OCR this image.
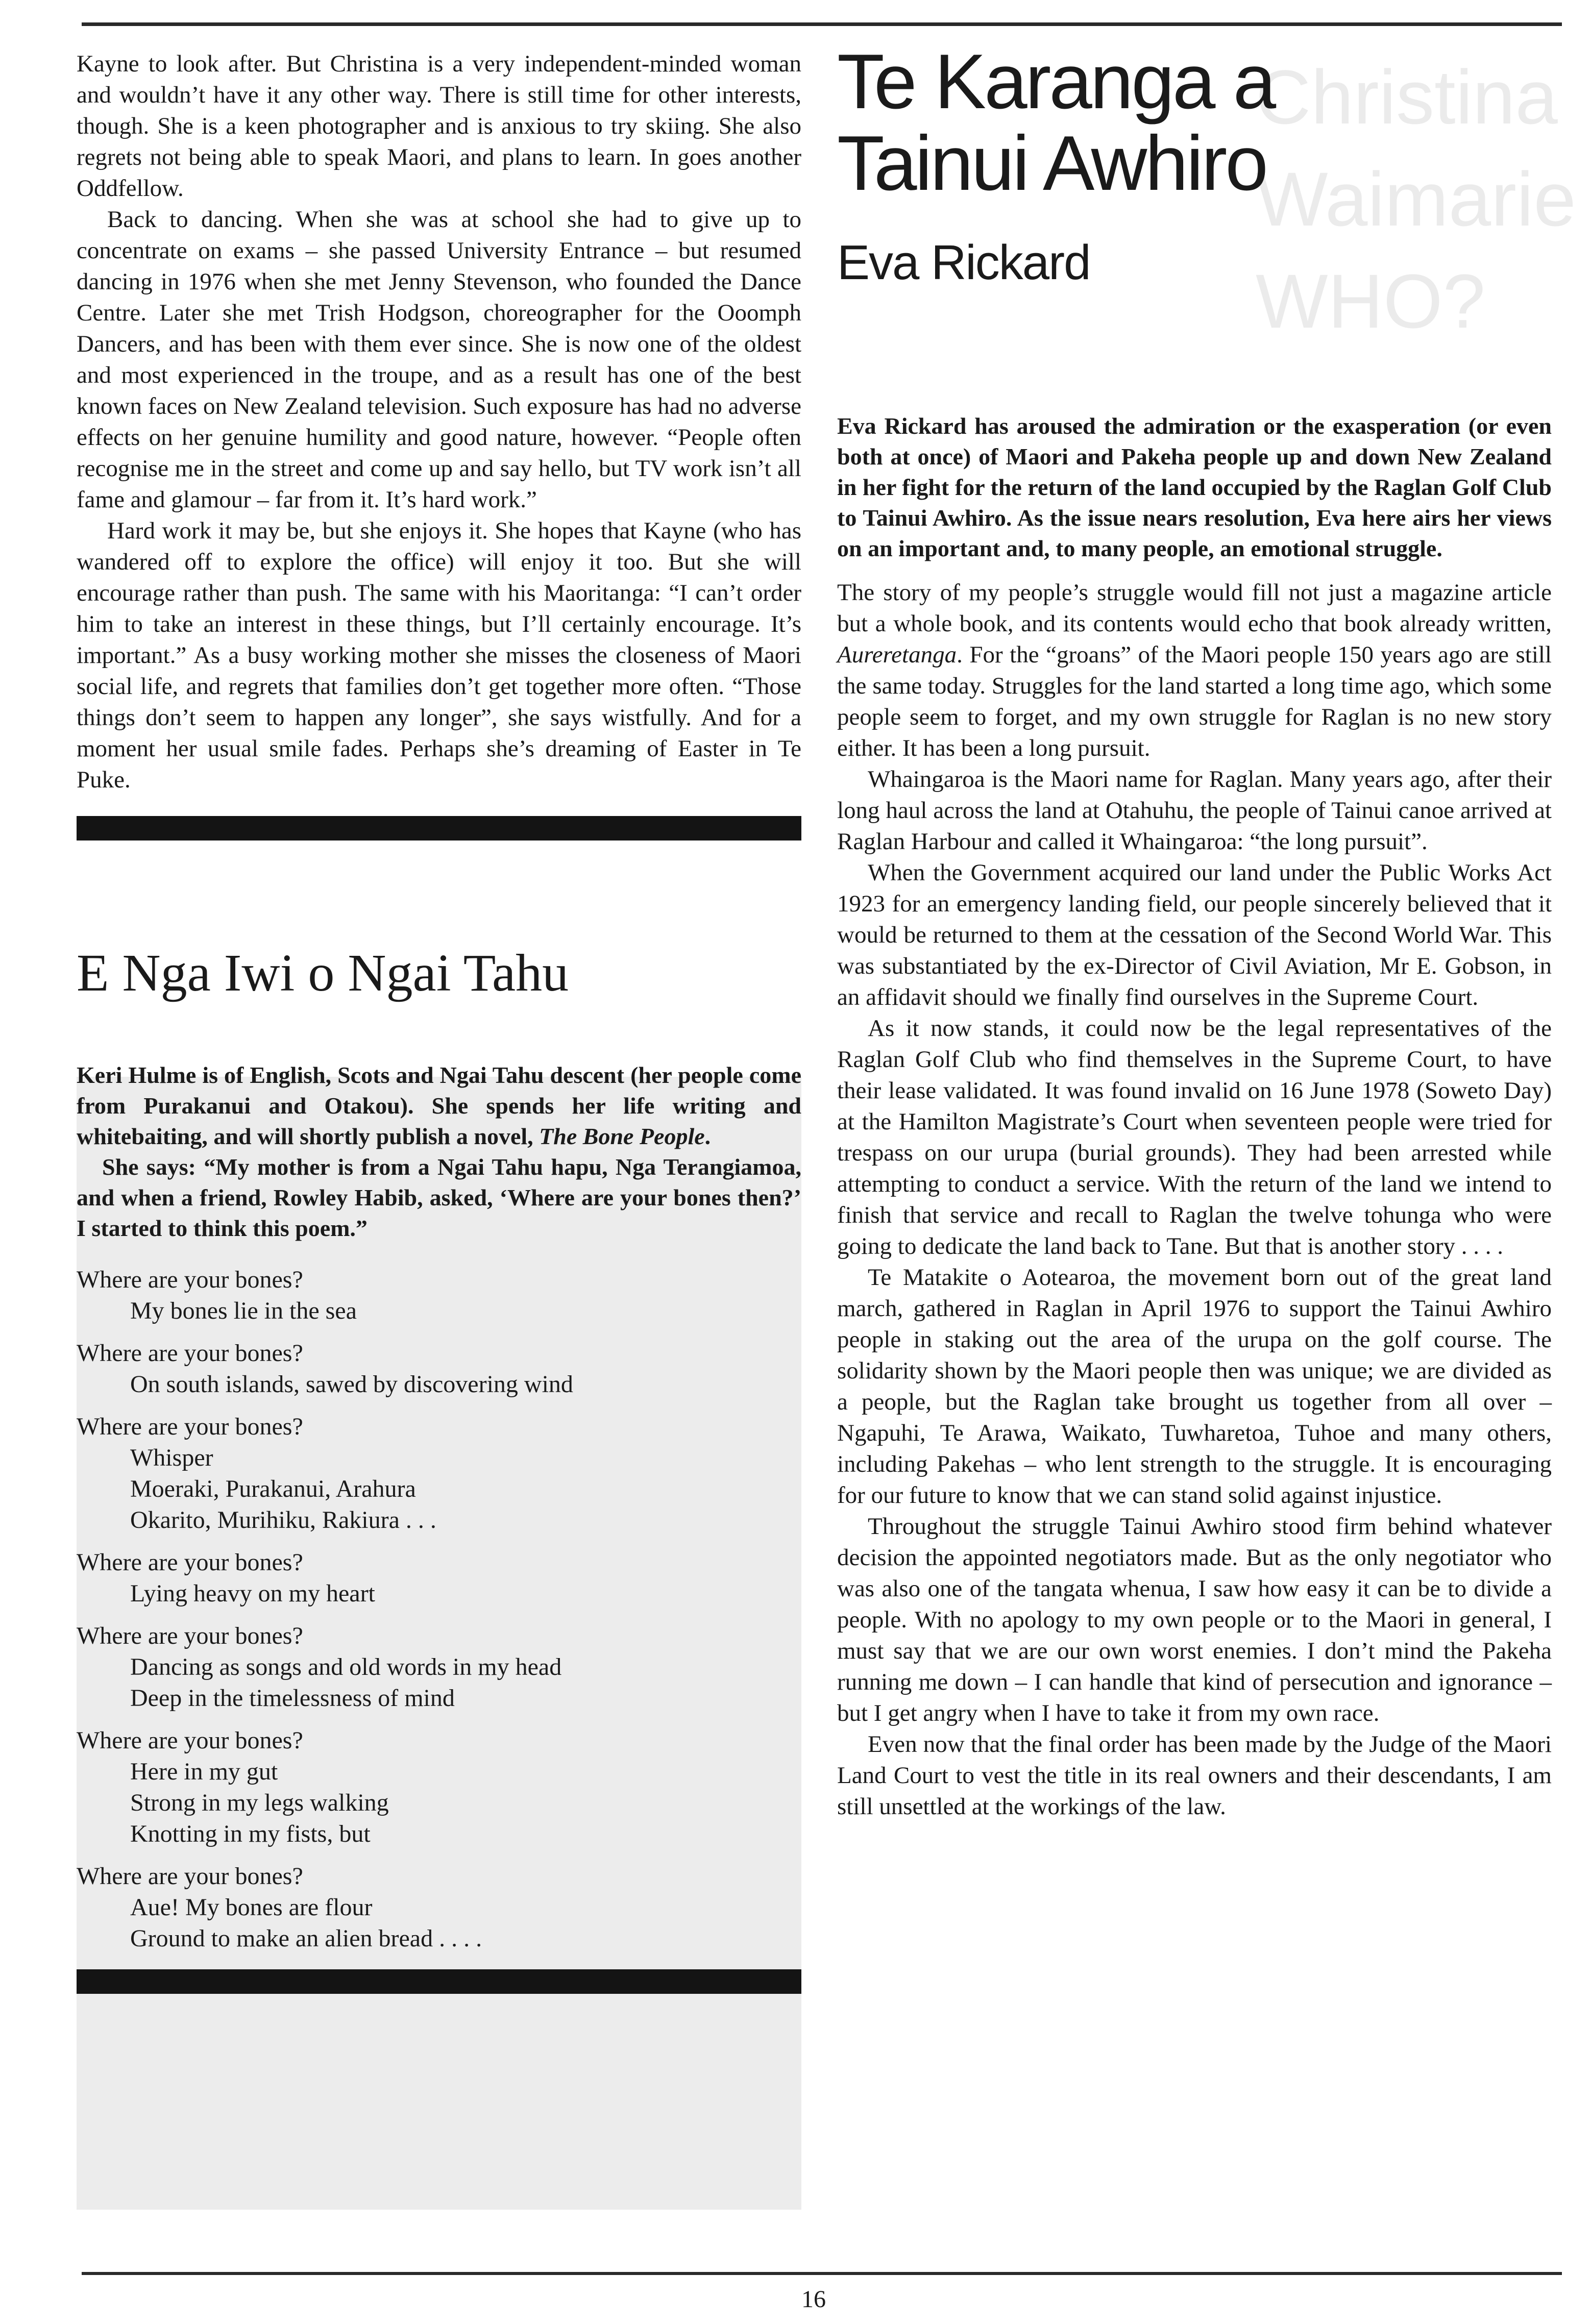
Christina Waimarie WHO?

Kayne to look after. But Christina is a very independent-minded woman and wouldn’t have it any other way. There is still time for other interests, though. She is a keen photographer and is anxious to try skiing. She also regrets not being able to speak Maori, and plans to learn. In goes another Oddfellow.

Back to dancing. When she was at school she had to give up to concentrate on exams – she passed University Entrance – but resumed dancing in 1976 when she met Jenny Stevenson, who founded the Dance Centre. Later she met Trish Hodgson, choreographer for the Ooomph Dancers, and has been with them ever since. She is now one of the oldest and most experienced in the troupe, and as a result has one of the best known faces on New Zealand television. Such exposure has had no adverse effects on her genuine humility and good nature, however. “People often recognise me in the street and come up and say hello, but TV work isn’t all fame and glamour – far from it. It’s hard work.”

Hard work it may be, but she enjoys it. She hopes that Kayne (who has wandered off to explore the office) will enjoy it too. But she will encourage rather than push. The same with his Maoritanga: “I can’t order him to take an interest in these things, but I’ll certainly encourage. It’s important.” As a busy working mother she misses the closeness of Maori social life, and regrets that families don’t get together more often. “Those things don’t seem to happen any longer”, she says wistfully. And for a moment her usual smile fades. Perhaps she’s dreaming of Easter in Te Puke.

E Nga Iwi o Ngai Tahu

Keri Hulme is of English, Scots and Ngai Tahu descent (her people come from Purakanui and Otakou). She spends her life writing and whitebaiting, and will shortly publish a novel, The Bone People.

She says: “My mother is from a Ngai Tahu hapu, Nga Terangiamoa, and when a friend, Rowley Habib, asked, ‘Where are your bones then?’ I started to think this poem.”

Where are your bones?
My bones lie in the sea
Where are your bones?
On south islands, sawed by discovering wind
Where are your bones?
Whisper
Moeraki, Purakanui, Arahura
Okarito, Murihiku, Rakiura . . .
Where are your bones?
Lying heavy on my heart
Where are your bones?
Dancing as songs and old words in my head
Deep in the timelessness of mind
Where are your bones?
Here in my gut
Strong in my legs walking
Knotting in my fists, but
Where are your bones?
Aue! My bones are flour
Ground to make an alien bread . . . .
Te Karanga a
Tainui Awhiro
Eva Rickard

Eva Rickard has aroused the admiration or the exasperation (or even both at once) of Maori and Pakeha people up and down New Zealand in her fight for the return of the land occupied by the Raglan Golf Club to Tainui Awhiro. As the issue nears resolution, Eva here airs her views on an important and, to many people, an emotional struggle.

The story of my people’s struggle would fill not just a magazine article but a whole book, and its contents would echo that book already written, Aureretanga. For the “groans” of the Maori people 150 years ago are still the same today. Struggles for the land started a long time ago, which some people seem to forget, and my own struggle for Raglan is no new story either. It has been a long pursuit.

Whaingaroa is the Maori name for Raglan. Many years ago, after their long haul across the land at Otahuhu, the people of Tainui canoe arrived at Raglan Harbour and called it Whaingaroa: “the long pursuit”.

When the Government acquired our land under the Public Works Act 1923 for an emergency landing field, our people sincerely believed that it would be returned to them at the cessation of the Second World War. This was substantiated by the ex-Director of Civil Aviation, Mr E. Gobson, in an affidavit should we finally find ourselves in the Supreme Court.

As it now stands, it could now be the legal representatives of the Raglan Golf Club who find themselves in the Supreme Court, to have their lease validated. It was found invalid on 16 June 1978 (Soweto Day) at the Hamilton Magistrate’s Court when seventeen people were tried for trespass on our urupa (burial grounds). They had been arrested while attempting to conduct a service. With the return of the land we intend to finish that service and recall to Raglan the twelve tohunga who were going to dedicate the land back to Tane. But that is another story . . . .

Te Matakite o Aotearoa, the movement born out of the great land march, gathered in Raglan in April 1976 to support the Tainui Awhiro people in staking out the area of the urupa on the golf course. The solidarity shown by the Maori people then was unique; we are divided as a people, but the Raglan take brought us together from all over – Ngapuhi, Te Arawa, Waikato, Tuwharetoa, Tuhoe and many others, including Pakehas – who lent strength to the struggle. It is encouraging for our future to know that we can stand solid against injustice.

Throughout the struggle Tainui Awhiro stood firm behind whatever decision the appointed negotiators made. But as the only negotiator who was also one of the tangata whenua, I saw how easy it can be to divide a people. With no apology to my own people or to the Maori in general, I must say that we are our own worst enemies. I don’t mind the Pakeha running me down – I can handle that kind of persecution and ignorance – but I get angry when I have to take it from my own race.

Even now that the final order has been made by the Judge of the Maori Land Court to vest the title in its real owners and their descendants, I am still unsettled at the workings of the law.

16
